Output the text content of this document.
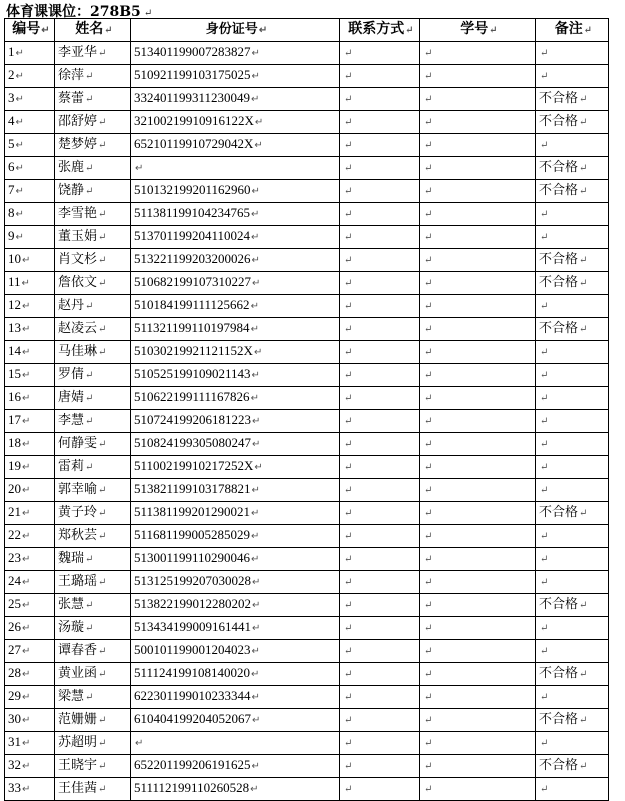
体育课课位：278B5 ↵
编号↵	姓名↵	身份证号↵	联系方式↵	学号↵	备注↵
1↵	李亚华↵	513401199007283827↵	↵	↵	↵
2↵	徐萍↵	510921199103175025↵	↵	↵	↵
3↵	蔡蕾↵	332401199311230049↵	↵	↵	不合格↵
4↵	邵舒婷↵	32100219910916122X↵	↵	↵	不合格↵
5↵	楚梦婷↵	65210119910729042X↵	↵	↵	↵
6↵	张鹿↵	↵	↵	↵	不合格↵
7↵	饶静↵	510132199201162960↵	↵	↵	不合格↵
8↵	李雪艳↵	511381199104234765↵	↵	↵	↵
9↵	董玉娟↵	513701199204110024↵	↵	↵	↵
10↵	肖文杉↵	513221199203200026↵	↵	↵	不合格↵
11↵	詹依文↵	510682199107310227↵	↵	↵	不合格↵
12↵	赵丹↵	510184199111125662↵	↵	↵	↵
13↵	赵凌云↵	511321199110197984↵	↵	↵	不合格↵
14↵	马佳琳↵	51030219921121152X↵	↵	↵	↵
15↵	罗倩↵	510525199109021143↵	↵	↵	↵
16↵	唐婧↵	510622199111167826↵	↵	↵	↵
17↵	李慧↵	510724199206181223↵	↵	↵	↵
18↵	何静雯↵	510824199305080247↵	↵	↵	↵
19↵	雷莉↵	51100219910217252X↵	↵	↵	↵
20↵	郭幸喻↵	513821199103178821↵	↵	↵	↵
21↵	黄子玲↵	511381199201290021↵	↵	↵	不合格↵
22↵	郑秋芸↵	511681199005285029↵	↵	↵	↵
23↵	魏瑞↵	513001199110290046↵	↵	↵	↵
24↵	王璐瑶↵	513125199207030028↵	↵	↵	↵
25↵	张慧↵	513822199012280202↵	↵	↵	不合格↵
26↵	汤璇↵	513434199009161441↵	↵	↵	↵
27↵	谭春香↵	500101199001204023↵	↵	↵	↵
28↵	黄业函↵	511124199108140020↵	↵	↵	不合格↵
29↵	梁慧↵	622301199010233344↵	↵	↵	↵
30↵	范姗姗↵	610404199204052067↵	↵	↵	不合格↵
31↵	苏超明↵	↵	↵	↵	↵
32↵	王晓宇↵	652201199206191625↵	↵	↵	不合格↵
33↵	王佳茜↵	511112199110260528↵	↵	↵	↵
